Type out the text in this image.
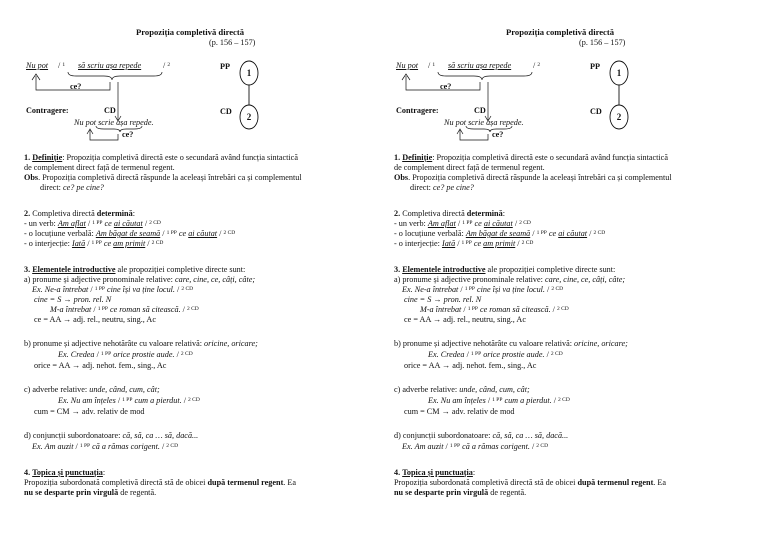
Propoziția completivă directă
(p. 156 – 157)
Nu pot / $^1$ să scriu așa repede	/ $^2$
ce?
PP
CD
1
2
Contragere:	CD
Nu pot scrie așa repede.
ce?
1. Definiție: Propoziția completivă directă este o secundară având funcția sintactică
de complement direct față de termenul regent.
Obs. Propoziția completivă directă răspunde la aceleași întrebări ca și complementul
direct: ce? pe cine?
2. Completiva directă determină:
- un verb: Am aflat / $^{1 PP}$ ce ai căutat / $^{2 CD}$
- o locuțiune verbală: Am băgat de seamă / $^{1 PP}$ ce ai căutat / $^{2 CD}$
- o interjecție: Iată / $^{1 PP}$ ce am primit / $^{2 CD}$
3. Elementele introductive ale propoziției completive directe sunt:
a) pronume și adjective pronominale relative: care, cine, ce, câți, câte;
Ex. Ne-a întrebat / $^{1 PP}$ cine își va ține locul. / $^{2 CD}$
cine = S → pron. rel. N
M-a întrebat / $^{1 PP}$ ce roman să citească. / $^{2 CD}$
ce = AA → adj. rel., neutru, sing., Ac
b) pronume și adjective nehotărâte cu valoare relativă: oricine, oricare;
Ex. Credea / $^{1 PP}$ orice prostie aude. / $^{2 CD}$
orice = AA → adj. nehot. fem., sing., Ac
c) adverbe relative: unde, când, cum, cât;
Ex. Nu am înțeles / $^{1 PP}$ cum a pierdut. / $^{2 CD}$
cum = CM → adv. relativ de mod
d) conjuncții subordonatoare: că, să, ca … să, dacă...
Ex. Am auzit / $^{1 PP}$ că a rămas corigent. / $^{2 CD}$
4. Topica și punctuația:
Propoziția subordonată completivă directă stă de obicei după termenul regent. Ea
nu se desparte prin virgulă de regentă.
Propoziția completivă directă
(p. 156 – 157)
Nu pot / $^1$ să scriu așa repede	/ $^2$
ce?
PP
CD
1
2
Contragere:	CD
Nu pot scrie așa repede.
ce?
1. Definiție: Propoziția completivă directă este o secundară având funcția sintactică
de complement direct față de termenul regent.
Obs. Propoziția completivă directă răspunde la aceleași întrebări ca și complementul
direct: ce? pe cine?
2. Completiva directă determină:
- un verb: Am aflat / $^{1 PP}$ ce ai căutat / $^{2 CD}$
- o locuțiune verbală: Am băgat de seamă / $^{1 PP}$ ce ai căutat / $^{2 CD}$
- o interjecție: Iată / $^{1 PP}$ ce am primit / $^{2 CD}$
3. Elementele introductive ale propoziției completive directe sunt:
a) pronume și adjective pronominale relative: care, cine, ce, câți, câte;
Ex. Ne-a întrebat / $^{1 PP}$ cine își va ține locul. / $^{2 CD}$
cine = S → pron. rel. N
M-a întrebat / $^{1 PP}$ ce roman să citească. / $^{2 CD}$
ce = AA → adj. rel., neutru, sing., Ac
b) pronume și adjective nehotărâte cu valoare relativă: oricine, oricare;
Ex. Credea / $^{1 PP}$ orice prostie aude. / $^{2 CD}$
orice = AA → adj. nehot. fem., sing., Ac
c) adverbe relative: unde, când, cum, cât;
Ex. Nu am înțeles / $^{1 PP}$ cum a pierdut. / $^{2 CD}$
cum = CM → adv. relativ de mod
d) conjuncții subordonatoare: că, să, ca … să, dacă...
Ex. Am auzit / $^{1 PP}$ că a rămas corigent. / $^{2 CD}$
4. Topica și punctuația:
Propoziția subordonată completivă directă stă de obicei după termenul regent. Ea
nu se desparte prin virgulă de regentă.
